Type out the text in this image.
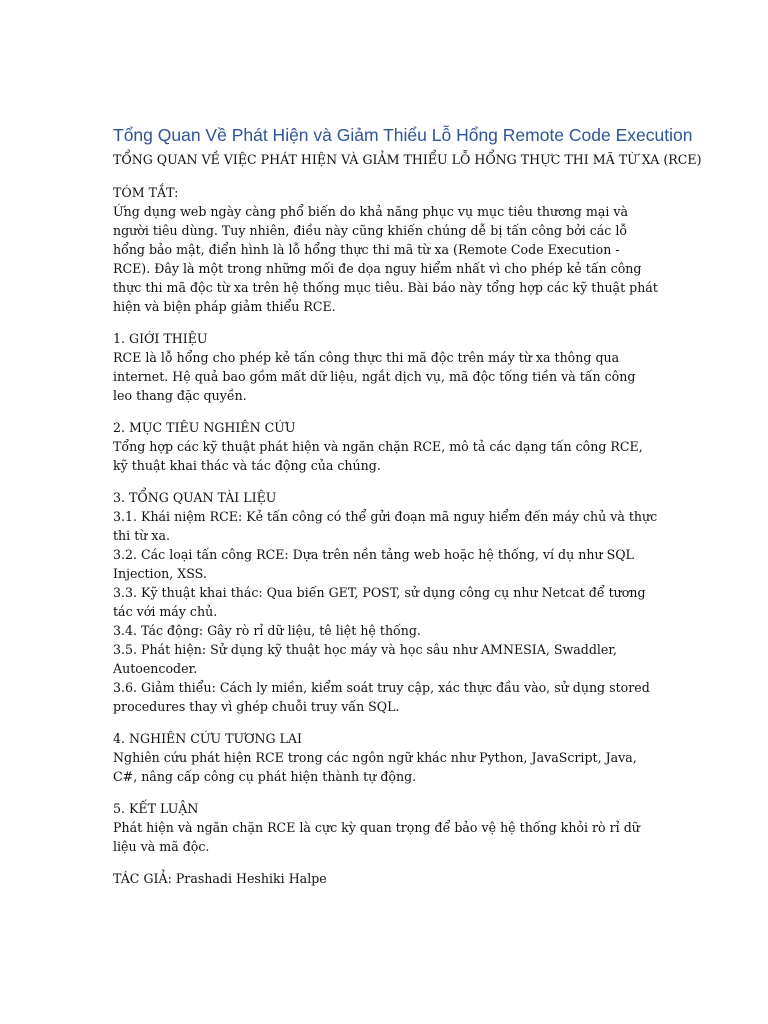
Tổng Quan Về Phát Hiện và Giảm Thiểu Lỗ Hổng Remote Code Execution

TỔNG QUAN VỀ VIỆC PHÁT HIỆN VÀ GIẢM THIỂU LỖ HỔNG THỰC THI MÃ TỪ XA (RCE)

TÓM TẮT:

Ứng dụng web ngày càng phổ biến do khả năng phục vụ mục tiêu thương mại và người tiêu dùng. Tuy nhiên, điều này cũng khiến chúng dễ bị tấn công bởi các lỗ hổng bảo mật, điển hình là lỗ hổng thực thi mã từ xa (Remote Code Execution - RCE). Đây là một trong những mối đe dọa nguy hiểm nhất vì cho phép kẻ tấn công thực thi mã độc từ xa trên hệ thống mục tiêu. Bài báo này tổng hợp các kỹ thuật phát hiện và biện pháp giảm thiểu RCE.

1. GIỚI THIỆU

RCE là lỗ hổng cho phép kẻ tấn công thực thi mã độc trên máy từ xa thông qua internet. Hệ quả bao gồm mất dữ liệu, ngắt dịch vụ, mã độc tống tiền và tấn công leo thang đặc quyền.

2. MỤC TIÊU NGHIÊN CỨU

Tổng hợp các kỹ thuật phát hiện và ngăn chặn RCE, mô tả các dạng tấn công RCE, kỹ thuật khai thác và tác động của chúng.

3. TỔNG QUAN TÀI LIỆU

3.1. Khái niệm RCE: Kẻ tấn công có thể gửi đoạn mã nguy hiểm đến máy chủ và thực thi từ xa.

3.2. Các loại tấn công RCE: Dựa trên nền tảng web hoặc hệ thống, ví dụ như SQL Injection, XSS.

3.3. Kỹ thuật khai thác: Qua biến GET, POST, sử dụng công cụ như Netcat để tương tác với máy chủ.

3.4. Tác động: Gây rò rỉ dữ liệu, tê liệt hệ thống.

3.5. Phát hiện: Sử dụng kỹ thuật học máy và học sâu như AMNESIA, Swaddler, Autoencoder.

3.6. Giảm thiểu: Cách ly miền, kiểm soát truy cập, xác thực đầu vào, sử dụng stored procedures thay vì ghép chuỗi truy vấn SQL.

4. NGHIÊN CỨU TƯƠNG LAI

Nghiên cứu phát hiện RCE trong các ngôn ngữ khác như Python, JavaScript, Java, C#, nâng cấp công cụ phát hiện thành tự động.

5. KẾT LUẬN

Phát hiện và ngăn chặn RCE là cực kỳ quan trọng để bảo vệ hệ thống khỏi rò rỉ dữ liệu và mã độc.

TÁC GIẢ: Prashadi Heshiki Halpe
